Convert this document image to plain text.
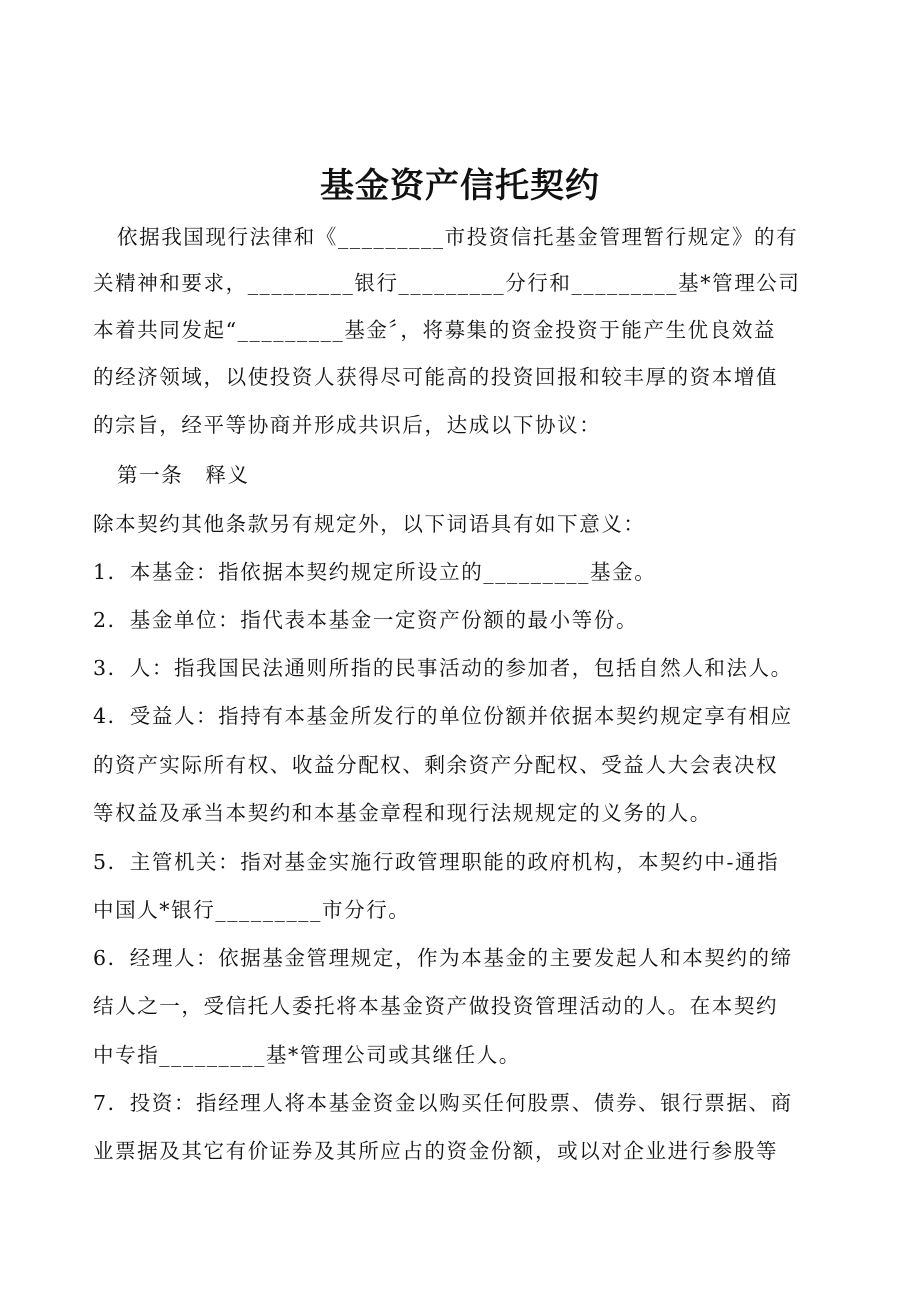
基金资产信托契约
依据我国现行法律和《_________市投资信托基金管理暂行规定》的有
关精神和要求，_________银行_________分行和_________基*管理公司
本着共同发起“_________基金〞，将募集的资金投资于能产生优良效益
的经济领域，以使投资人获得尽可能高的投资回报和较丰厚的资本增值
的宗旨，经平等协商并形成共识后，达成以下协议：
第一条　释义
除本契约其他条款另有规定外，以下词语具有如下意义：
1．本基金：指依据本契约规定所设立的_________基金。
2．基金单位：指代表本基金一定资产份额的最小等份。
3．人：指我国民法通则所指的民事活动的参加者，包括自然人和法人。
4．受益人：指持有本基金所发行的单位份额并依据本契约规定享有相应
的资产实际所有权、收益分配权、剩余资产分配权、受益人大会表决权
等权益及承当本契约和本基金章程和现行法规规定的义务的人。
5．主管机关：指对基金实施行政管理职能的政府机构，本契约中-通指
中国人*银行_________市分行。
6．经理人：依据基金管理规定，作为本基金的主要发起人和本契约的缔
结人之一，受信托人委托将本基金资产做投资管理活动的人。在本契约
中专指_________基*管理公司或其继任人。
7．投资：指经理人将本基金资金以购买任何股票、债券、银行票据、商
业票据及其它有价证券及其所应占的资金份额，或以对企业进行参股等
